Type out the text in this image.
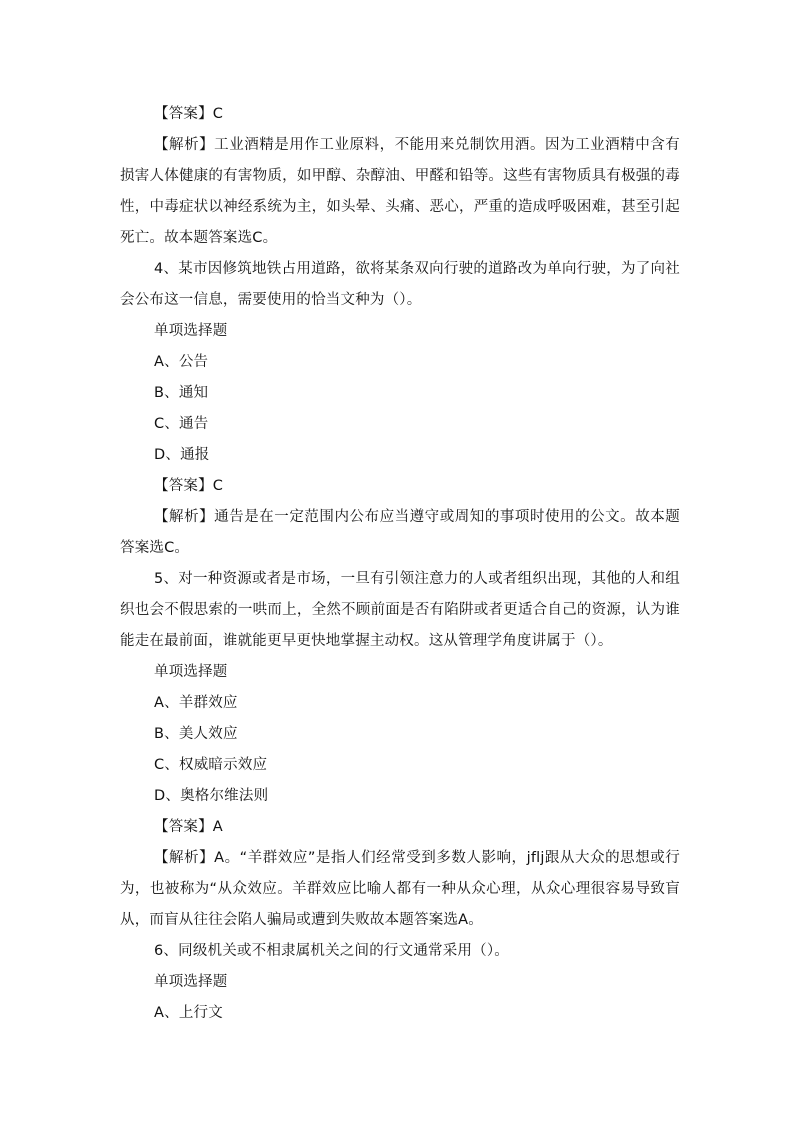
【答案】C
【解析】工业酒精是用作工业原料，不能用来兑制饮用酒。因为工业酒精中含有损害人体健康的有害物质，如甲醇、杂醇油、甲醛和铅等。这些有害物质具有极强的毒性，中毒症状以神经系统为主，如头晕、头痛、恶心，严重的造成呼吸困难，甚至引起死亡。故本题答案选C。
4、某市因修筑地铁占用道路，欲将某条双向行驶的道路改为单向行驶，为了向社会公布这一信息，需要使用的恰当文种为（）。
单项选择题
A、公告
B、通知
C、通告
D、通报
【答案】C
【解析】通告是在一定范围内公布应当遵守或周知的事项时使用的公文。故本题答案选C。
5、对一种资源或者是市场，一旦有引领注意力的人或者组织出现，其他的人和组织也会不假思索的一哄而上，全然不顾前面是否有陷阱或者更适合自己的资源，认为谁能走在最前面，谁就能更早更快地掌握主动权。这从管理学角度讲属于（）。
单项选择题
A、羊群效应
B、美人效应
C、权威暗示效应
D、奥格尔维法则
【答案】A
【解析】A。“羊群效应”是指人们经常受到多数人影响，jflj跟从大众的思想或行为，也被称为“从众效应。羊群效应比喻人都有一种从众心理，从众心理很容易导致盲从，而盲从往往会陷人骗局或遭到失败故本题答案选A。
6、同级机关或不相隶属机关之间的行文通常采用（）。
单项选择题
A、上行文
